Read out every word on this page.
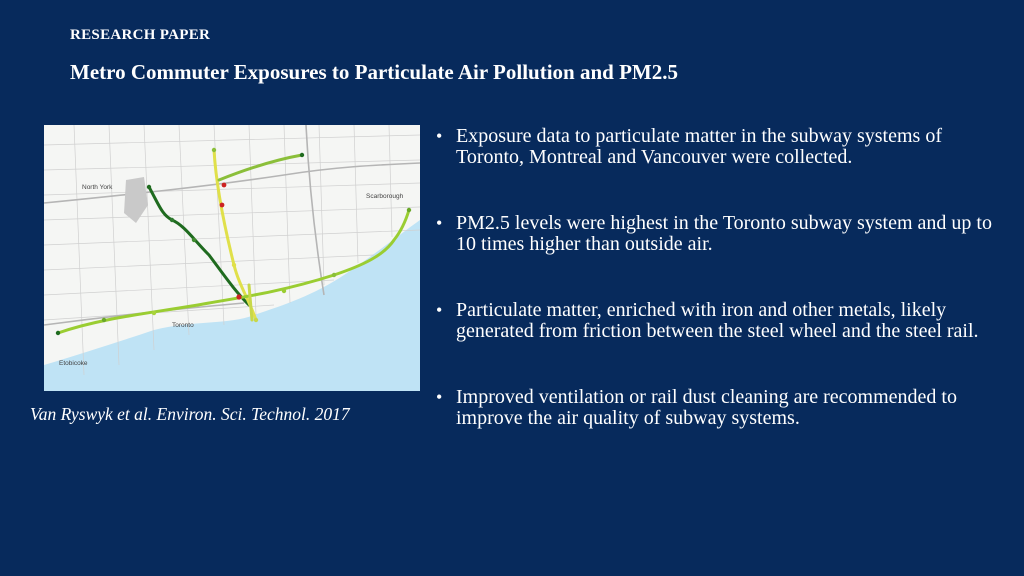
RESEARCH PAPER
Metro Commuter Exposures to Particulate Air Pollution and PM2.5
North York
Scarborough
Toronto
Etobicoke
Van Ryswyk et al. Environ. Sci. Technol. 2017
• Exposure data to particulate matter in the subway systems of Toronto, Montreal and Vancouver were collected.
• PM2.5 levels were highest in the Toronto subway system and up to 10 times higher than outside air.
• Particulate matter, enriched with iron and other metals, likely generated from friction between the steel wheel and the steel rail.
• Improved ventilation or rail dust cleaning are recommended to improve the air quality of subway systems.
